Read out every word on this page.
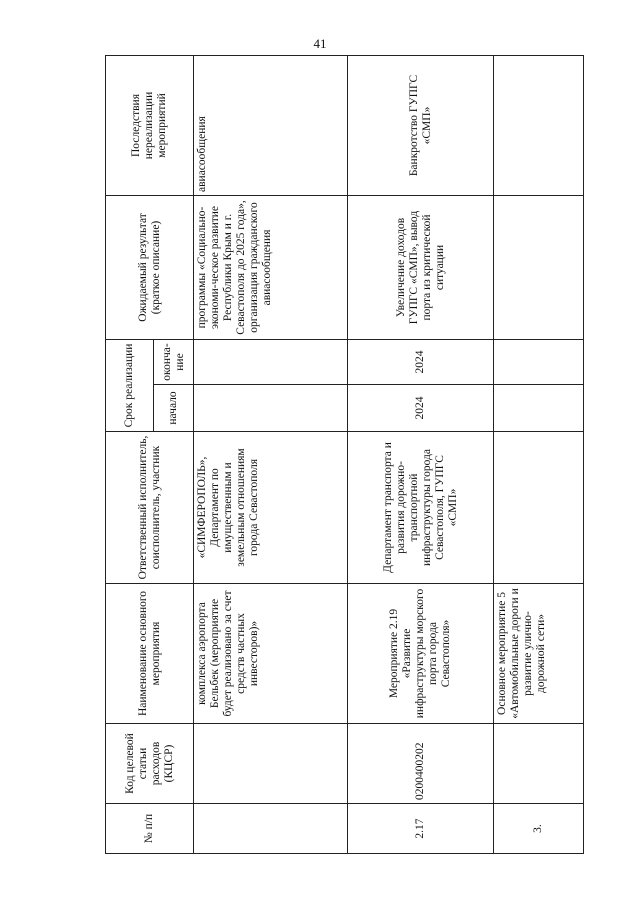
41
№ п/п	Код целевой статьи расходов (КЦСР)	Наименование основного мероприятия	Ответственный исполнитель, соисполнитель, участник	Срок реализации		Ожидаемый результат (краткое описание)	Последствия нереализации мероприятий
				начало	оконча-ние		
		комплекса аэропорта Бельбек (мероприятие будет реализовано за счет средств частных инвесторов)»	«СИМФЕРОПОЛЬ», Департамент по имущественным и земельным отношениям города Севастополя			программы «Социально-экономи-ческое развитие Республики Крым и г. Севастополя до 2025 года», организация гражданского авиасообщения	авиасообщения
2.17	0200400202	Мероприятие 2.19 «Развитие инфраструктуры морского порта города Севастополя»	Департамент транспорта и развития дорожно-транспортной инфраструктуры города Севастополя, ГУПГС «СМП»	2024	2024	Увеличение доходов ГУПГС «СМП», вывод порта из критической ситуации	Банкротство ГУПГС «СМП»
3.		Основное мероприятие 5 «Автомобильные дороги и развитие улично-дорожной сети»					
